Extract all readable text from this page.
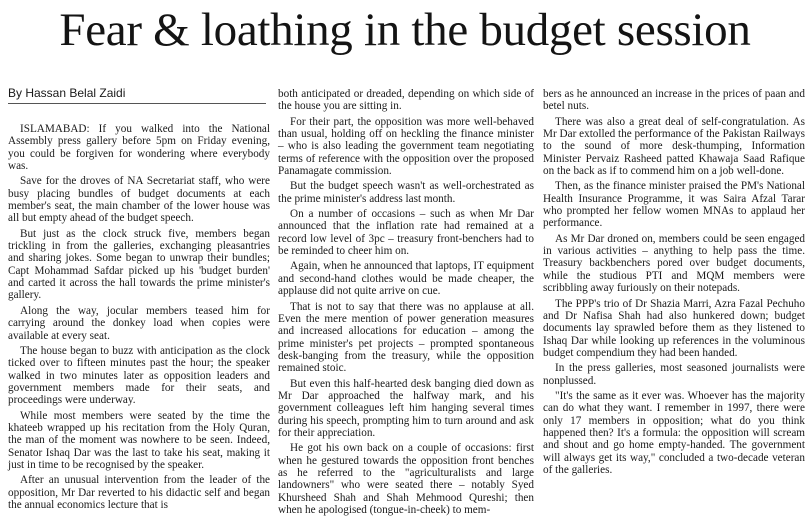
Fear & loathing in the budget session
By Hassan Belal Zaidi

ISLAMABAD: If you walked into the National Assembly press gallery before 5pm on Friday evening, you could be forgiven for wondering where everybody was.

Save for the droves of NA Secretariat staff, who were busy placing bundles of budget documents at each member's seat, the main chamber of the lower house was all but empty ahead of the budget speech.

But just as the clock struck five, members began trickling in from the galleries, exchanging pleasantries and sharing jokes. Some began to unwrap their bundles; Capt Mohammad Safdar picked up his 'budget burden' and carted it across the hall towards the prime minister's gallery.

Along the way, jocular members teased him for carrying around the donkey load when copies were available at every seat.

The house began to buzz with anticipation as the clock ticked over to fifteen minutes past the hour; the speaker walked in two minutes later as opposition leaders and government members made for their seats, and proceedings were underway.

While most members were seated by the time the khateeb wrapped up his recitation from the Holy Quran, the man of the moment was nowhere to be seen. Indeed, Senator Ishaq Dar was the last to take his seat, making it just in time to be recognised by the speaker.

After an unusual intervention from the leader of the opposition, Mr Dar reverted to his didactic self and began the annual economics lecture that is

both anticipated or dreaded, depending on which side of the house you are sitting in.

For their part, the opposition was more well-behaved than usual, holding off on heckling the finance minister – who is also leading the government team negotiating terms of reference with the opposition over the proposed Panamagate commission.

But the budget speech wasn't as well-orchestrated as the prime minister's address last month.

On a number of occasions – such as when Mr Dar announced that the inflation rate had remained at a record low level of 3pc – treasury front-benchers had to be reminded to cheer him on.

Again, when he announced that laptops, IT equipment and second-hand clothes would be made cheaper, the applause did not quite arrive on cue.

That is not to say that there was no applause at all. Even the mere mention of power generation measures and increased allocations for education – among the prime minister's pet projects – prompted spontaneous desk-banging from the treasury, while the opposition remained stoic.

But even this half-hearted desk banging died down as Mr Dar approached the halfway mark, and his government colleagues left him hanging several times during his speech, prompting him to turn around and ask for their appreciation.

He got his own back on a couple of occasions: first when he gestured towards the opposition front benches as he referred to the "agriculturalists and large landowners" who were seated there – notably Syed Khursheed Shah and Shah Mehmood Qureshi; then when he apologised (tongue-in-cheek) to mem-

bers as he announced an increase in the prices of paan and betel nuts.

There was also a great deal of self-congratulation. As Mr Dar extolled the performance of the Pakistan Railways to the sound of more desk-thumping, Information Minister Pervaiz Rasheed patted Khawaja Saad Rafique on the back as if to commend him on a job well-done.

Then, as the finance minister praised the PM's National Health Insurance Programme, it was Saira Afzal Tarar who prompted her fellow women MNAs to applaud her performance.

As Mr Dar droned on, members could be seen engaged in various activities – anything to help pass the time. Treasury backbenchers pored over budget documents, while the studious PTI and MQM members were scribbling away furiously on their notepads.

The PPP's trio of Dr Shazia Marri, Azra Fazal Pechuho and Dr Nafisa Shah had also hunkered down; budget documents lay sprawled before them as they listened to Ishaq Dar while looking up references in the voluminous budget compendium they had been handed.

In the press galleries, most seasoned journalists were nonplussed.

"It's the same as it ever was. Whoever has the majority can do what they want. I remember in 1997, there were only 17 members in opposition; what do you think happened then? It's a formula: the opposition will scream and shout and go home empty-handed. The government will always get its way," concluded a two-decade veteran of the galleries.
